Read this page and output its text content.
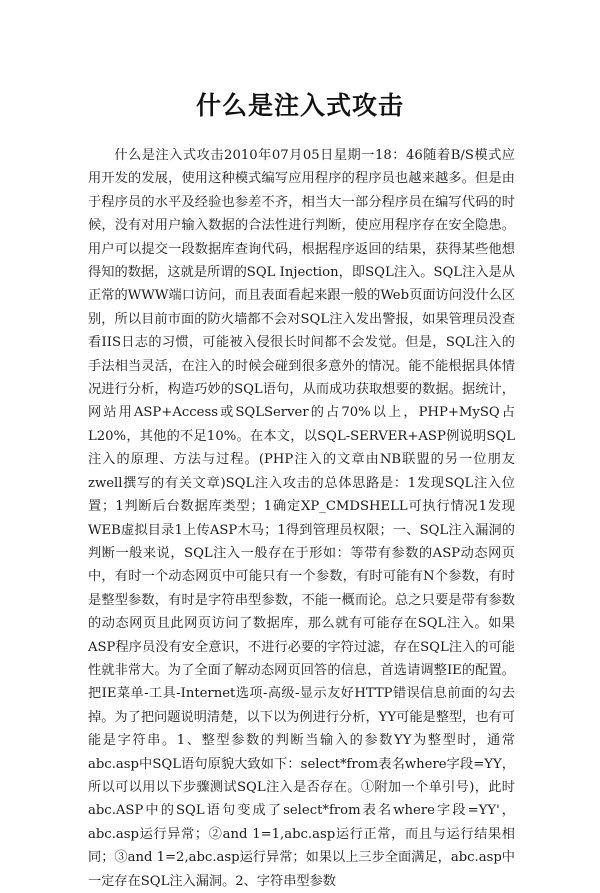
什么是注入式攻击

什么是注入式攻击2010年07月05日星期一18：46随着B/S模式应用开发的发展，使用这种模式编写应用程序的程序员也越来越多。但是由于程序员的水平及经验也参差不齐，相当大一部分程序员在编写代码的时候，没有对用户输入数据的合法性进行判断，使应用程序存在安全隐患。用户可以提交一段数据库查询代码，根据程序返回的结果，获得某些他想得知的数据，这就是所谓的SQL Injection，即SQL注入。SQL注入是从正常的WWW端口访问，而且表面看起来跟一般的Web页面访问没什么区别，所以目前市面的防火墙都不会对SQL注入发出警报，如果管理员没查看IIS日志的习惯，可能被入侵很长时间都不会发觉。但是，SQL注入的手法相当灵活，在注入的时候会碰到很多意外的情况。能不能根据具体情况进行分析，构造巧妙的SQL语句，从而成功获取想要的数据。据统计，网站用ASP+Access或SQLServer的占70%以上，PHP+MySQ占L20%，其他的不足10%。在本文，以SQL-SERVER+ASP例说明SQL注入的原理、方法与过程。(PHP注入的文章由NB联盟的另一位朋友zwell撰写的有关文章)SQL注入攻击的总体思路是：1发现SQL注入位置；1判断后台数据库类型；1确定XP_CMDSHELL可执行情况1发现WEB虚拟目录1上传ASP木马；1得到管理员权限；一、SQL注入漏洞的判断一般来说，SQL注入一般存在于形如：等带有参数的ASP动态网页中，有时一个动态网页中可能只有一个参数，有时可能有N个参数，有时是整型参数，有时是字符串型参数，不能一概而论。总之只要是带有参数的动态网页且此网页访问了数据库，那么就有可能存在SQL注入。如果ASP程序员没有安全意识，不进行必要的字符过滤，存在SQL注入的可能性就非常大。为了全面了解动态网页回答的信息，首选请调整IE的配置。把IE菜单-工具-Internet选项-高级-显示友好HTTP错误信息前面的勾去掉。为了把问题说明清楚，以下以为例进行分析，YY可能是整型，也有可能是字符串。1、整型参数的判断当输入的参数YY为整型时，通常abc.asp中SQL语句原貌大致如下：select*from表名where字段=YY，所以可以用以下步骤测试SQL注入是否存在。①附加一个单引号)，此时abc.ASP中的SQL语句变成了select*from表名where字段=YY'，abc.asp运行异常；②and 1=1,abc.asp运行正常，而且与运行结果相同；③and 1=2,abc.asp运行异常；如果以上三步全面满足，abc.asp中一定存在SQL注入漏洞。2、字符串型参数
